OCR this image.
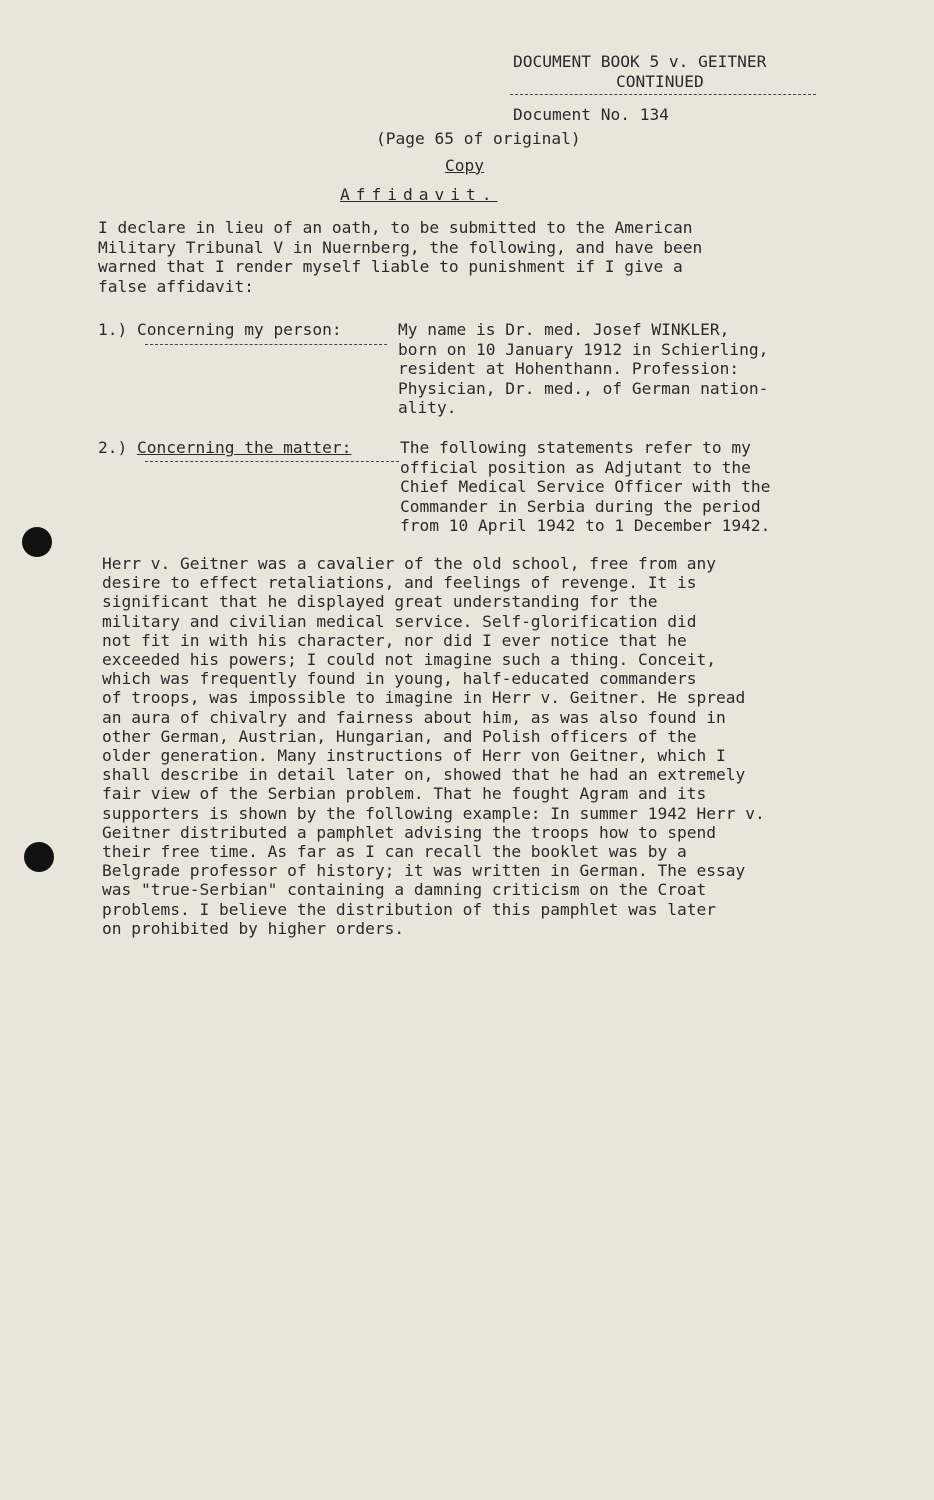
DOCUMENT BOOK 5 v. GEITNER

CONTINUED

Document No. 134

(Page 65 of original)

Copy

Affidavit.

I declare in lieu of an oath, to be submitted to the American
Military Tribunal V in Nuernberg, the following, and have been
warned that I render myself liable to punishment if I give a
false affidavit:

1.) Concerning my person:	My name is Dr. med. Josef WINKLER,
born on 10 January 1912 in Schierling,
resident at Hohenthann. Profession:
Physician, Dr. med., of German nation-
ality.

2.) Concerning the matter:	The following statements refer to my
official position as Adjutant to the
Chief Medical Service Officer with the
Commander in Serbia during the period
from 10 April 1942 to 1 December 1942.

Herr v. Geitner was a cavalier of the old school, free from any
desire to effect retaliations, and feelings of revenge. It is
significant that he displayed great understanding for the
military and civilian medical service. Self-glorification did
not fit in with his character, nor did I ever notice that he
exceeded his powers; I could not imagine such a thing. Conceit,
which was frequently found in young, half-educated commanders
of troops, was impossible to imagine in Herr v. Geitner. He spread
an aura of chivalry and fairness about him, as was also found in
other German, Austrian, Hungarian, and Polish officers of the
older generation. Many instructions of Herr von Geitner, which I
shall describe in detail later on, showed that he had an extremely
fair view of the Serbian problem. That he fought Agram and its
supporters is shown by the following example: In summer 1942 Herr v.
Geitner distributed a pamphlet advising the troops how to spend
their free time. As far as I can recall the booklet was by a
Belgrade professor of history; it was written in German. The essay
was "true-Serbian" containing a damning criticism on the Croat
problems. I believe the distribution of this pamphlet was later
on prohibited by higher orders.
